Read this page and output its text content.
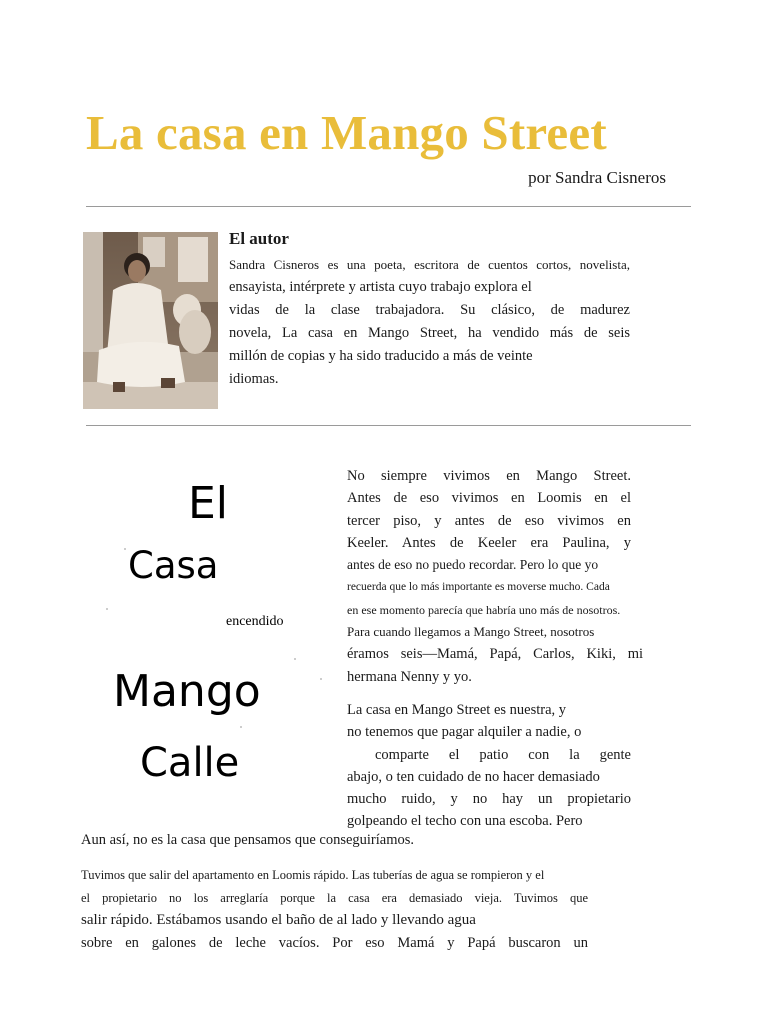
La casa en Mango Street
por Sandra Cisneros
El autor
Sandra Cisneros es una poeta, escritora de cuentos cortos, novelista,
ensayista, intérprete y artista cuyo trabajo explora el
vidas de la clase trabajadora. Su clásico, de madurez
novela, La casa en Mango Street, ha vendido más de seis
millón de copias y ha sido traducido a más de veinte
idiomas.
El
Casa
encendido
Mango
Calle
No siempre vivimos en Mango Street.
Antes de eso vivimos en Loomis en el
tercer piso, y antes de eso vivimos en
Keeler. Antes de Keeler era Paulina, y
antes de eso no puedo recordar. Pero lo que yo
recuerda que lo más importante es moverse mucho. Cada
en ese momento parecía que habría uno más de nosotros.
Para cuando llegamos a Mango Street, nosotros
éramos seis—Mamá, Papá, Carlos, Kiki, mi
hermana Nenny y yo.
La casa en Mango Street es nuestra, y
no tenemos que pagar alquiler a nadie, o
comparte el patio con la gente
abajo, o ten cuidado de no hacer demasiado
mucho ruido, y no hay un propietario
golpeando el techo con una escoba. Pero
Aun así, no es la casa que pensamos que conseguiríamos.
Tuvimos que salir del apartamento en Loomis rápido. Las tuberías de agua se rompieron y el
el propietario no los arreglaría porque la casa era demasiado vieja. Tuvimos que
salir rápido. Estábamos usando el baño de al lado y llevando agua
sobre en galones de leche vacíos. Por eso Mamá y Papá buscaron un
